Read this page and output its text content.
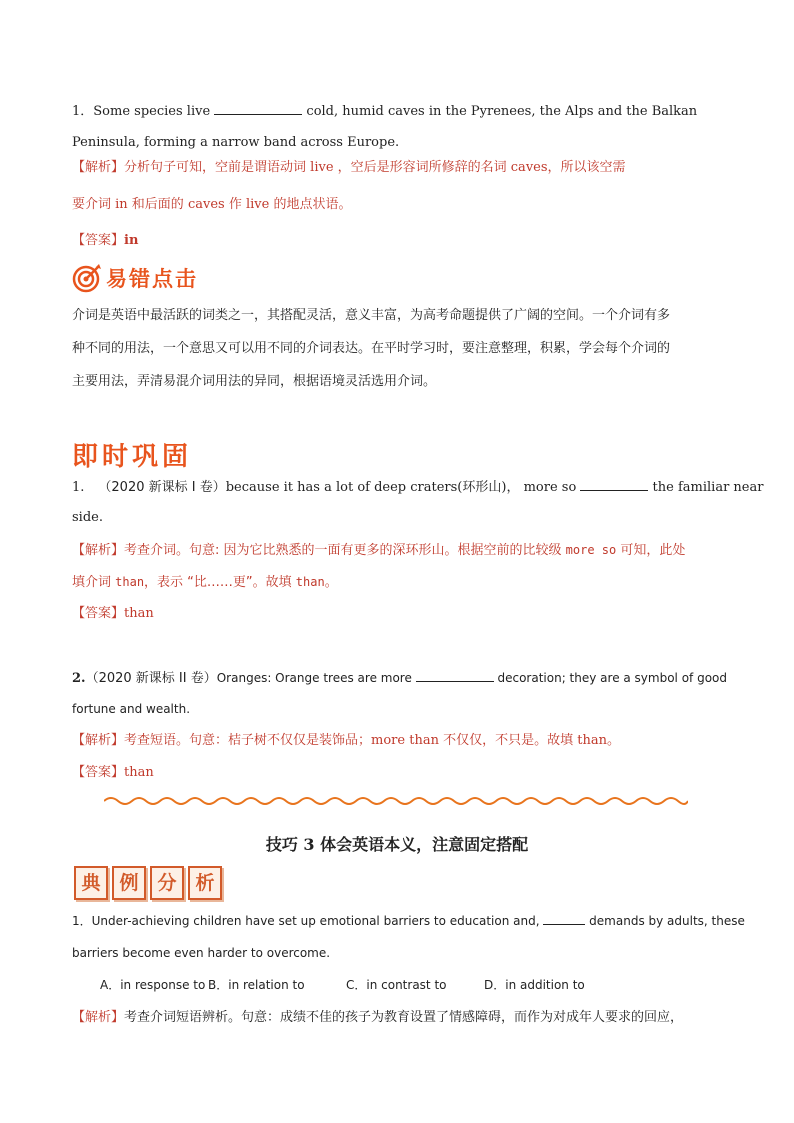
1．Some species live	cold, humid caves in the Pyrenees, the Alps and the Balkan
Peninsula, forming a narrow band across Europe.
【解析】分析句子可知，空前是谓语动词 live ，空后是形容词所修辞的名词 caves，所以该空需
要介词 in 和后面的 caves 作 live 的地点状语。
【答案】in
易错点击
介词是英语中最活跃的词类之一，其搭配灵活，意义丰富，为高考命题提供了广阔的空间。一个介词有多
种不同的用法，一个意思又可以用不同的介词表达。在平时学习时，要注意整理，积累，学会每个介词的
主要用法，弄清易混介词用法的异同，根据语境灵活选用介词。
即时巩固
1. （2020 新课标 I 卷）because it has a lot of deep craters(环形山)， more so	the familiar near
side.
【解析】考查介词。句意: 因为它比熟悉的一面有更多的深环形山。根据空前的比较级 more so 可知，此处
填介词 than，表示 “比……更”。故填 than。
【答案】than
2.（2020 新课标 II 卷）Oranges: Orange trees are more	decoration; they are a symbol of good
fortune and wealth.
【解析】考查短语。句意：桔子树不仅仅是装饰品；more than 不仅仅，不只是。故填 than。
【答案】than
技巧 3 体会英语本义，注意固定搭配
典 例 分 析
1．Under-achieving children have set up emotional barriers to education and,	demands by adults, these
barriers become even harder to overcome.
A．in response to B．in relation to	C．in contrast to	D．in addition to
【解析】考查介词短语辨析。句意：成绩不佳的孩子为教育设置了情感障碍，而作为对成年人要求的回应，
